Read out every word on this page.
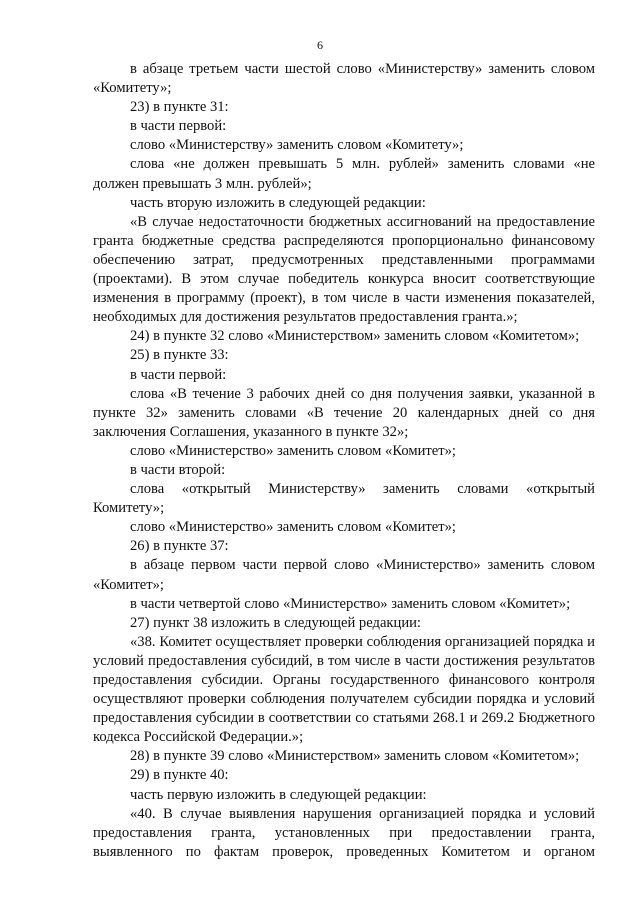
6

в абзаце третьем части шестой слово «Министерству» заменить словом «Комитету»;

23) в пункте 31:

в части первой:

слово «Министерству» заменить словом «Комитету»;

слова «не должен превышать 5 млн. рублей» заменить словами «не должен превышать 3 млн. рублей»;

часть вторую изложить в следующей редакции:

«В случае недостаточности бюджетных ассигнований на предоставление гранта бюджетные средства распределяются пропорционально финансовому обеспечению затрат, предусмотренных представленными программами (проектами). В этом случае победитель конкурса вносит соответствующие изменения в программу (проект), в том числе в части изменения показателей, необходимых для достижения результатов предоставления гранта.»;

24) в пункте 32 слово «Министерством» заменить словом «Комитетом»;

25) в пункте 33:

в части первой:

слова «В течение 3 рабочих дней со дня получения заявки, указанной в пункте 32» заменить словами «В течение 20 календарных дней со дня заключения Соглашения, указанного в пункте 32»;

слово «Министерство» заменить словом «Комитет»;

в части второй:

слова «открытый Министерству» заменить словами «открытый Комитету»;

слово «Министерство» заменить словом «Комитет»;

26) в пункте 37:

в абзаце первом части первой слово «Министерство» заменить словом «Комитет»;

в части четвертой слово «Министерство» заменить словом «Комитет»;

27) пункт 38 изложить в следующей редакции:

«38. Комитет осуществляет проверки соблюдения организацией порядка и условий предоставления субсидий, в том числе в части достижения результатов предоставления субсидии. Органы государственного финансового контроля осуществляют проверки соблюдения получателем субсидии порядка и условий предоставления субсидии в соответствии со статьями 268.1 и 269.2 Бюджетного кодекса Российской Федерации.»;

28) в пункте 39 слово «Министерством» заменить словом «Комитетом»;

29) в пункте 40:

часть первую изложить в следующей редакции:

«40. В случае выявления нарушения организацией порядка и условий предоставления гранта, установленных при предоставлении гранта, выявленного по фактам проверок, проведенных Комитетом и органом
